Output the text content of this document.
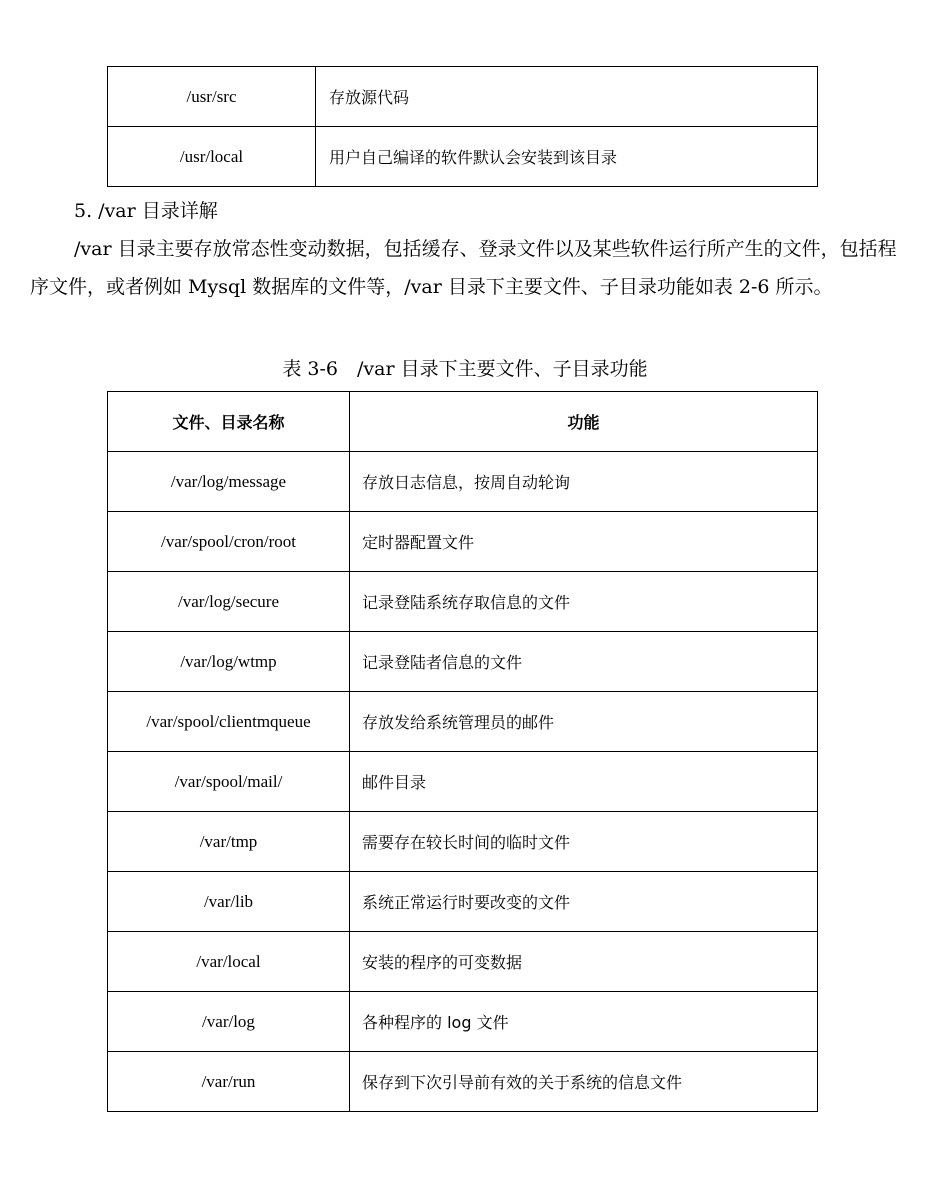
/usr/src	存放源代码
/usr/local	用户自己编译的软件默认会安装到该目录

5. /var 目录详解

/var 目录主要存放常态性变动数据，包括缓存、登录文件以及某些软件运行所产生的文件，包括程序文件，或者例如 Mysql 数据库的文件等，/var 目录下主要文件、子目录功能如表 2-6 所示。

表 3-6　/var 目录下主要文件、子目录功能

文件、目录名称	功能
/var/log/message	存放日志信息，按周自动轮询
/var/spool/cron/root	定时器配置文件
/var/log/secure	记录登陆系统存取信息的文件
/var/log/wtmp	记录登陆者信息的文件
/var/spool/clientmqueue	存放发给系统管理员的邮件
/var/spool/mail/	邮件目录
/var/tmp	需要存在较长时间的临时文件
/var/lib	系统正常运行时要改变的文件
/var/local	安装的程序的可变数据
/var/log	各种程序的 log 文件
/var/run	保存到下次引导前有效的关于系统的信息文件
